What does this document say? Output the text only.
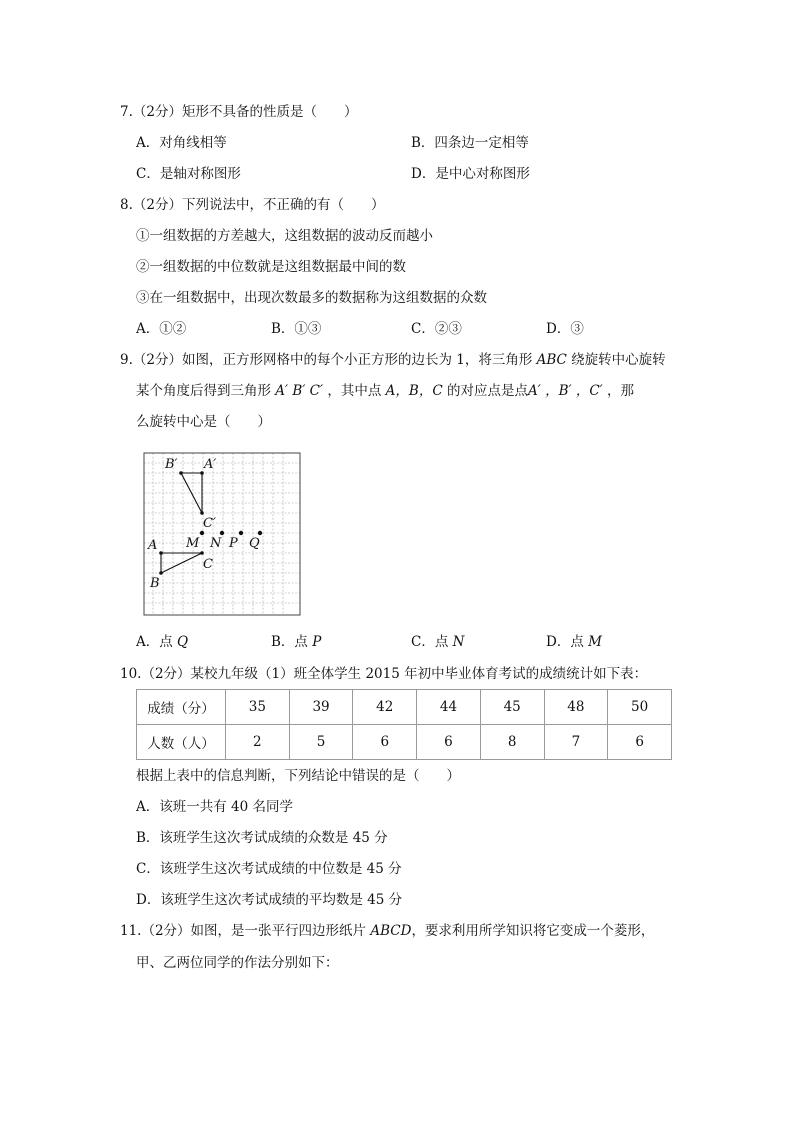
7.（2分）矩形不具备的性质是（　　）
A．对角线相等	B．四条边一定相等
C．是轴对称图形	D．是中心对称图形
8.（2分）下列说法中，不正确的有（　　）
①一组数据的方差越大，这组数据的波动反而越小
②一组数据的中位数就是这组数据最中间的数
③在一组数据中，出现次数最多的数据称为这组数据的众数
A．①②	B．①③	C．②③	D．③
9.（2分）如图，正方形网格中的每个小正方形的边长为 1，将三角形 ABC 绕旋转中心旋转
某个角度后得到三角形 A′ B′ C′ ，其中点 A，B，C 的对应点是点A′ ，B′ ，C′ ，那
么旋转中心是（　　）
B′ A′
C′
M N P Q
A
C
B
A．点 Q	B．点 P	C．点 N	D．点 M
10.（2分）某校九年级（1）班全体学生 2015 年初中毕业体育考试的成绩统计如下表：
成绩（分）	35	39	42	44	45	48	50
人数（人）	2	5	6	6	8	7	6
根据上表中的信息判断，下列结论中错误的是（　　）
A．该班一共有 40 名同学
B．该班学生这次考试成绩的众数是 45 分
C．该班学生这次考试成绩的中位数是 45 分
D．该班学生这次考试成绩的平均数是 45 分
11.（2分）如图，是一张平行四边形纸片 ABCD，要求利用所学知识将它变成一个菱形，
甲、乙两位同学的作法分别如下：
